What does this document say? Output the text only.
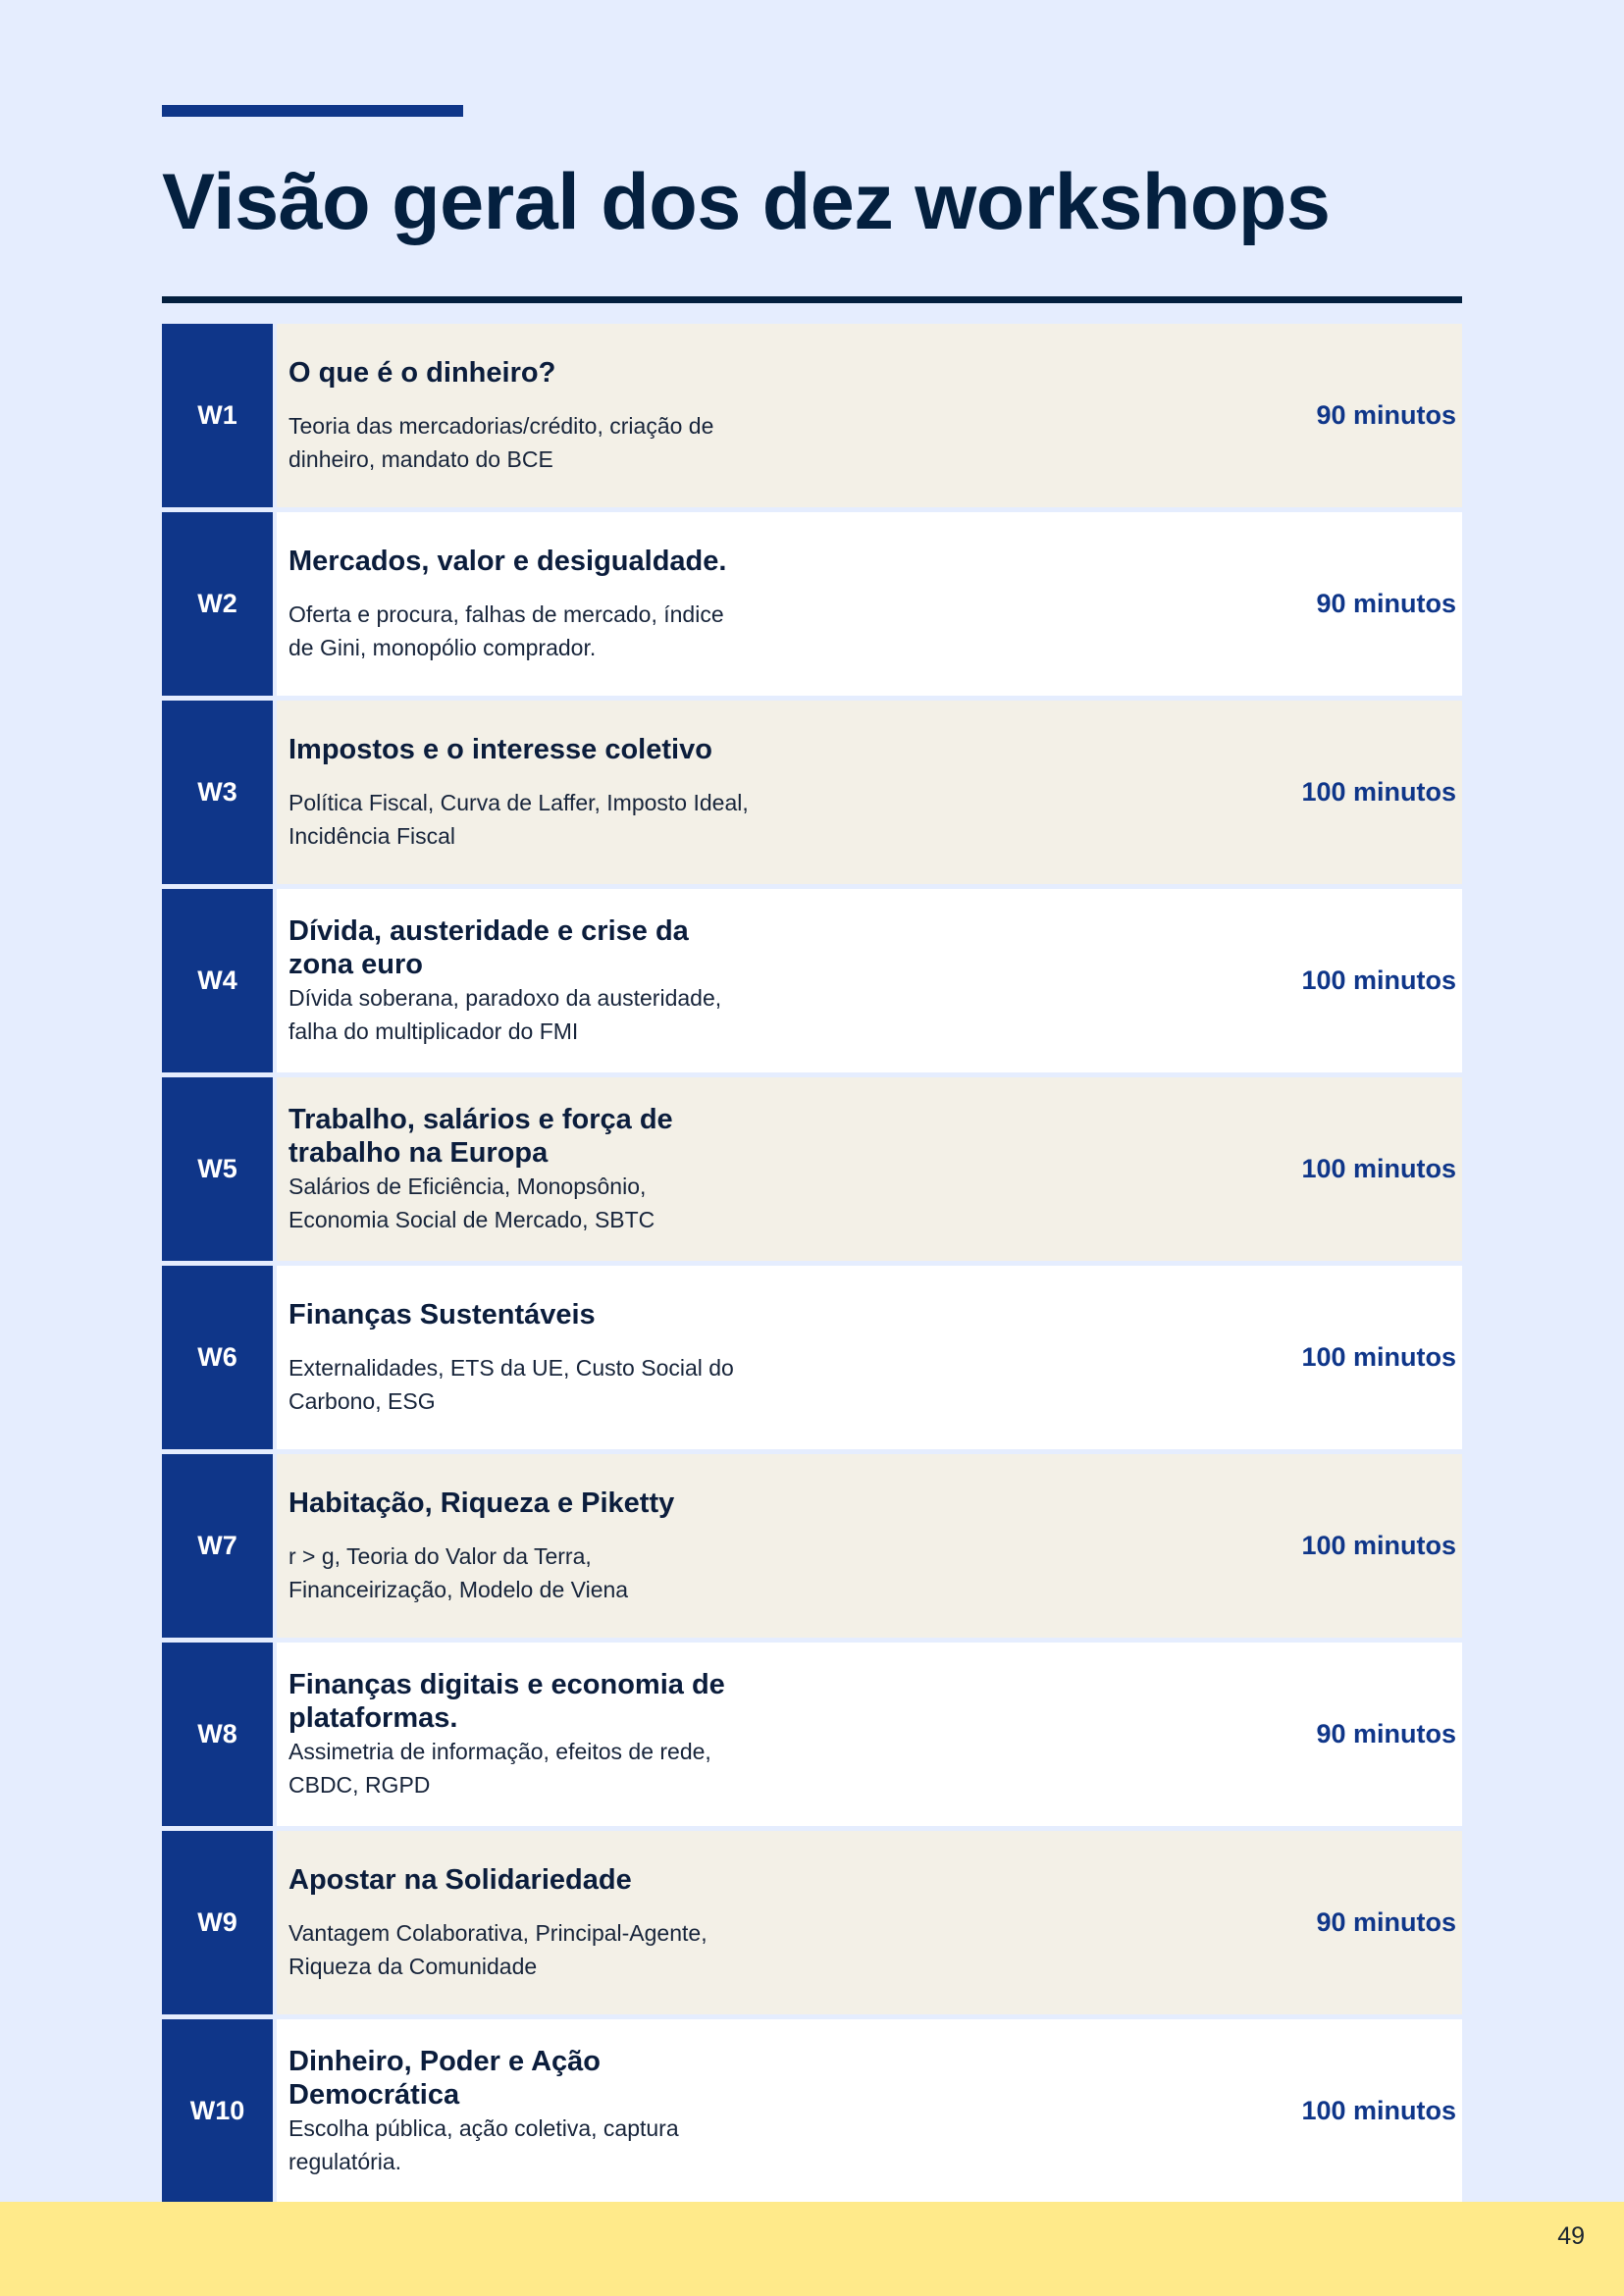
Visão geral dos dez workshops
W1
O que é o dinheiro?
Teoria das mercadorias/crédito, criação de dinheiro, mandato do BCE
90 minutos
W2
Mercados, valor e desigualdade.
Oferta e procura, falhas de mercado, índice de Gini, monopólio comprador.
90 minutos
W3
Impostos e o interesse coletivo
Política Fiscal, Curva de Laffer, Imposto Ideal, Incidência Fiscal
100 minutos
W4
Dívida, austeridade e crise da zona euro
Dívida soberana, paradoxo da austeridade, falha do multiplicador do FMI
100 minutos
W5
Trabalho, salários e força de trabalho na Europa
Salários de Eficiência, Monopsônio, Economia Social de Mercado, SBTC
100 minutos
W6
Finanças Sustentáveis
Externalidades, ETS da UE, Custo Social do Carbono, ESG
100 minutos
W7
Habitação, Riqueza e Piketty
r > g, Teoria do Valor da Terra, Financeirização, Modelo de Viena
100 minutos
W8
Finanças digitais e economia de plataformas.
Assimetria de informação, efeitos de rede, CBDC, RGPD
90 minutos
W9
Apostar na Solidariedade
Vantagem Colaborativa, Principal-Agente, Riqueza da Comunidade
90 minutos
W10
Dinheiro, Poder e Ação Democrática
Escolha pública, ação coletiva, captura regulatória.
100 minutos
49
